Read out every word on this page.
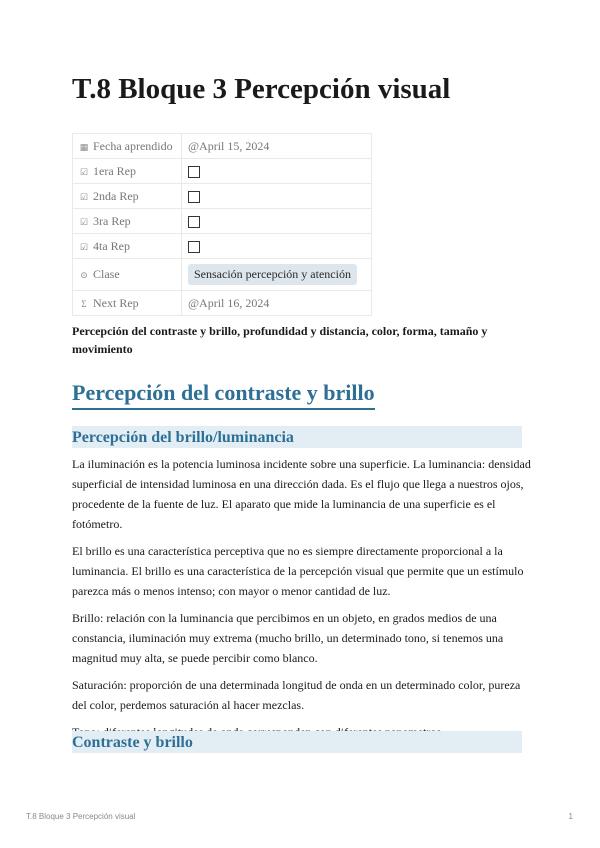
T.8 Bloque 3 Percepción visual
▦ Fecha aprendido	@April 15, 2024
☑ 1era Rep	
☑ 2nda Rep	
☑ 3ra Rep	
☑ 4ta Rep	
⊙ Clase	Sensación percepción y atención
Σ Next Rep	@April 16, 2024

Percepción del contraste y brillo, profundidad y distancia, color, forma, tamaño y movimiento

Percepción del contraste y brillo
Percepción del brillo/luminancia

La iluminación es la potencia luminosa incidente sobre una superficie. La luminancia: densidad superficial de intensidad luminosa en una dirección dada. Es el flujo que llega a nuestros ojos, procedente de la fuente de luz. El aparato que mide la luminancia de una superficie es el fotómetro.

El brillo es una característica perceptiva que no es siempre directamente proporcional a la luminancia. El brillo es una característica de la percepción visual que permite que un estímulo parezca más o menos intenso; con mayor o menor cantidad de luz.

Brillo: relación con la luminancia que percibimos en un objeto, en grados medios de una constancia, iluminación muy extrema (mucho brillo, un determinado tono, si tenemos una magnitud muy alta, se puede percibir como blanco.

Saturación: proporción de una determinada longitud de onda en un determinado color, pureza del color, perdemos saturación al hacer mezclas.

Contraste y brillo
T.8 Bloque 3 Percepción visual	1
